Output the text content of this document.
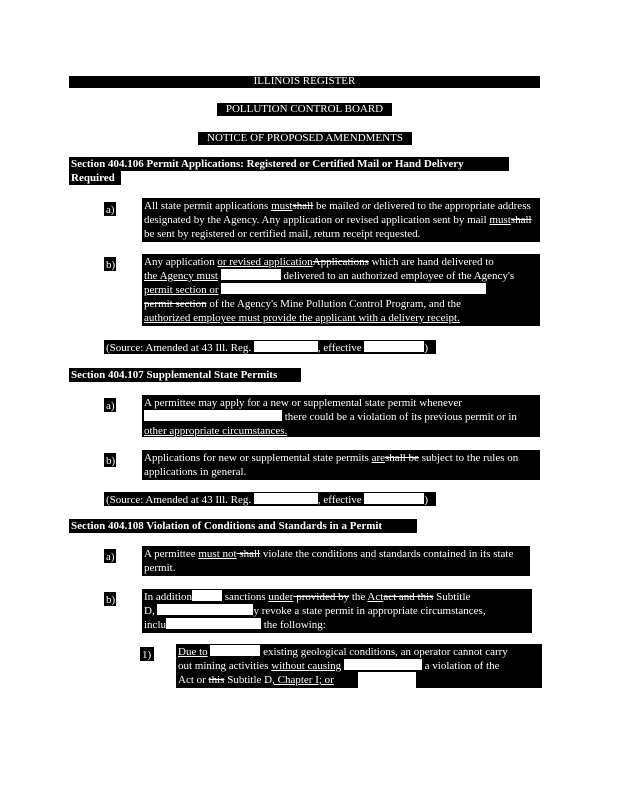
ILLINOIS REGISTER
POLLUTION CONTROL BOARD
NOTICE OF PROPOSED AMENDMENTS
Section 404.106 Permit Applications: Registered or Certified Mail or Hand Delivery
Required
a)	All state permit applications mustshall be mailed or delivered to the appropriate address designated by the Agency. Any application or revised application sent by mail mustshall be sent by registered or certified mail, return receipt requested.
b)	Any application or revised applicationApplications which are hand delivered to
the Agency must	delivered to an authorized employee of the Agency's
permit section or
permit section of the Agency's Mine Pollution Control Program, and the
authorized employee must provide the applicant with a delivery receipt.
(Source: Amended at 43 Ill. Reg.	, effective	)
Section 404.107 Supplemental State Permits
a)	A permittee may apply for a new or supplemental state permit whenever
there could be a violation of its previous permit or in
other appropriate circumstances.
b)	Applications for new or supplemental state permits areshall be subject to the rules on applications in general.
(Source: Amended at 43 Ill. Reg.	, effective	)
Section 404.108 Violation of Conditions and Standards in a Permit
a)	A permittee must not shall violate the conditions and standards contained in its state permit.
b)	In addition	sanctions under provided by the Actact and this Subtitle
D,	y revoke a state permit in appropriate circumstances,
inclu	the following:
1) Due to	existing geological conditions, an operator cannot carry
out mining activities without causing	a violation of the
Act or this Subtitle D, Chapter I; or
